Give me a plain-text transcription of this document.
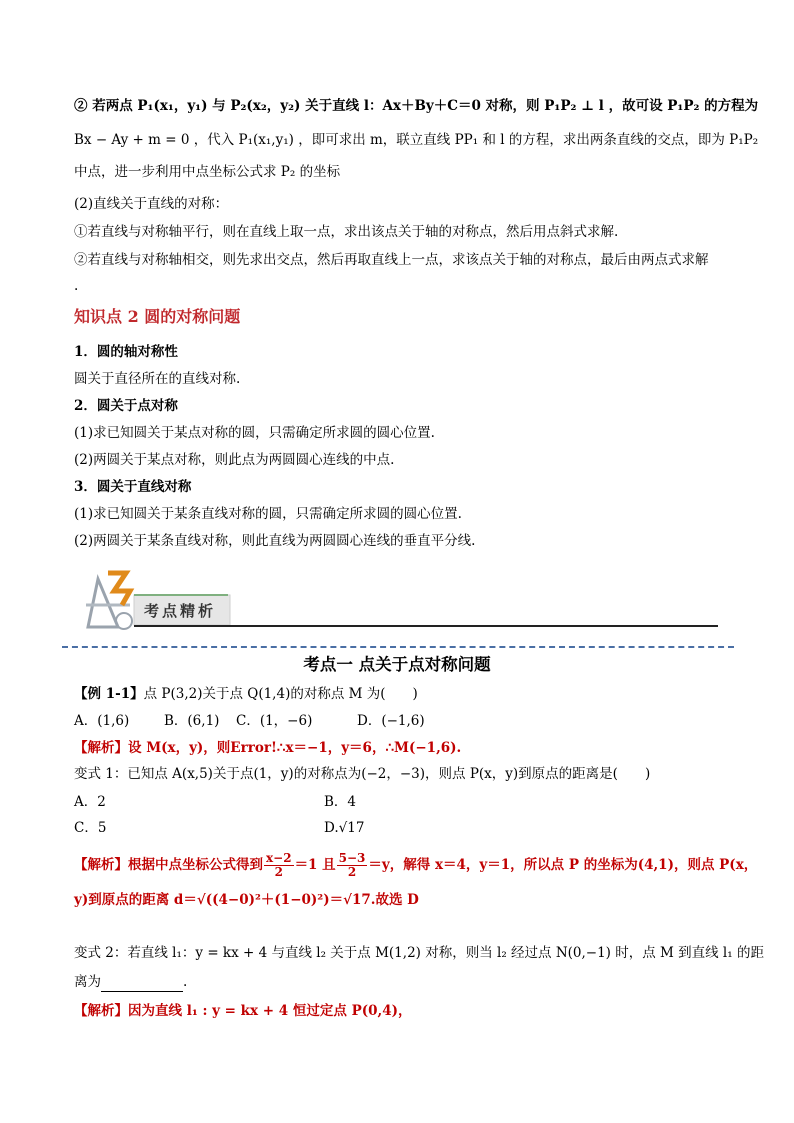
② 若两点 P₁(x₁，y₁) 与 P₂(x₂，y₂) 关于直线 l：Ax＋By＋C＝0 对称，则 P₁P₂ ⊥ l ，故可设 P₁P₂ 的方程为
Bx − Ay + m = 0 ，代入 P₁(x₁,y₁) ，即可求出 m，联立直线 PP₁ 和 l 的方程，求出两条直线的交点，即为 P₁P₂
中点，进一步利用中点坐标公式求 P₂ 的坐标
(2)直线关于直线的对称：
①若直线与对称轴平行，则在直线上取一点，求出该点关于轴的对称点，然后用点斜式求解.
②若直线与对称轴相交，则先求出交点，然后再取直线上一点，求该点关于轴的对称点，最后由两点式求解
.
知识点 2 圆的对称问题
1．圆的轴对称性
圆关于直径所在的直线对称.
2．圆关于点对称
(1)求已知圆关于某点对称的圆，只需确定所求圆的圆心位置.
(2)两圆关于某点对称，则此点为两圆圆心连线的中点.
3．圆关于直线对称
(1)求已知圆关于某条直线对称的圆，只需确定所求圆的圆心位置.
(2)两圆关于某条直线对称，则此直线为两圆圆心连线的垂直平分线.
考点精析
考点一 点关于点对称问题
【例 1-1】点 P(3,2)关于点 Q(1,4)的对称点 M 为(　　)
A．(1,6)	B．(6,1)	C．(1，−6)	D．(−1,6)
【解析】设 M(x，y)，则Error!∴x＝−1，y＝6，∴M(−1,6).
变式 1：已知点 A(x,5)关于点(1，y)的对称点为(−2，−3)，则点 P(x，y)到原点的距离是(　　)
A．2	B．4
C．5	D.√17
【解析】根据中点坐标公式得到 $\frac{x-2}{2} =1$ 且 $\frac{5-3}{2} =y$，解得 x＝4，y＝1，所以点 P 的坐标为(4,1)，则点 P(x，
y)到原点的距离 d＝√((4−0)²＋(1−0)²)＝√17.故选 D
变式 2：若直线 l₁：y = kx + 4 与直线 l₂ 关于点 M(1,2) 对称，则当 l₂ 经过点 N(0,−1) 时，点 M 到直线 l₁ 的距
离为	.
【解析】因为直线 l₁ : y = kx + 4 恒过定点 P(0,4)，
